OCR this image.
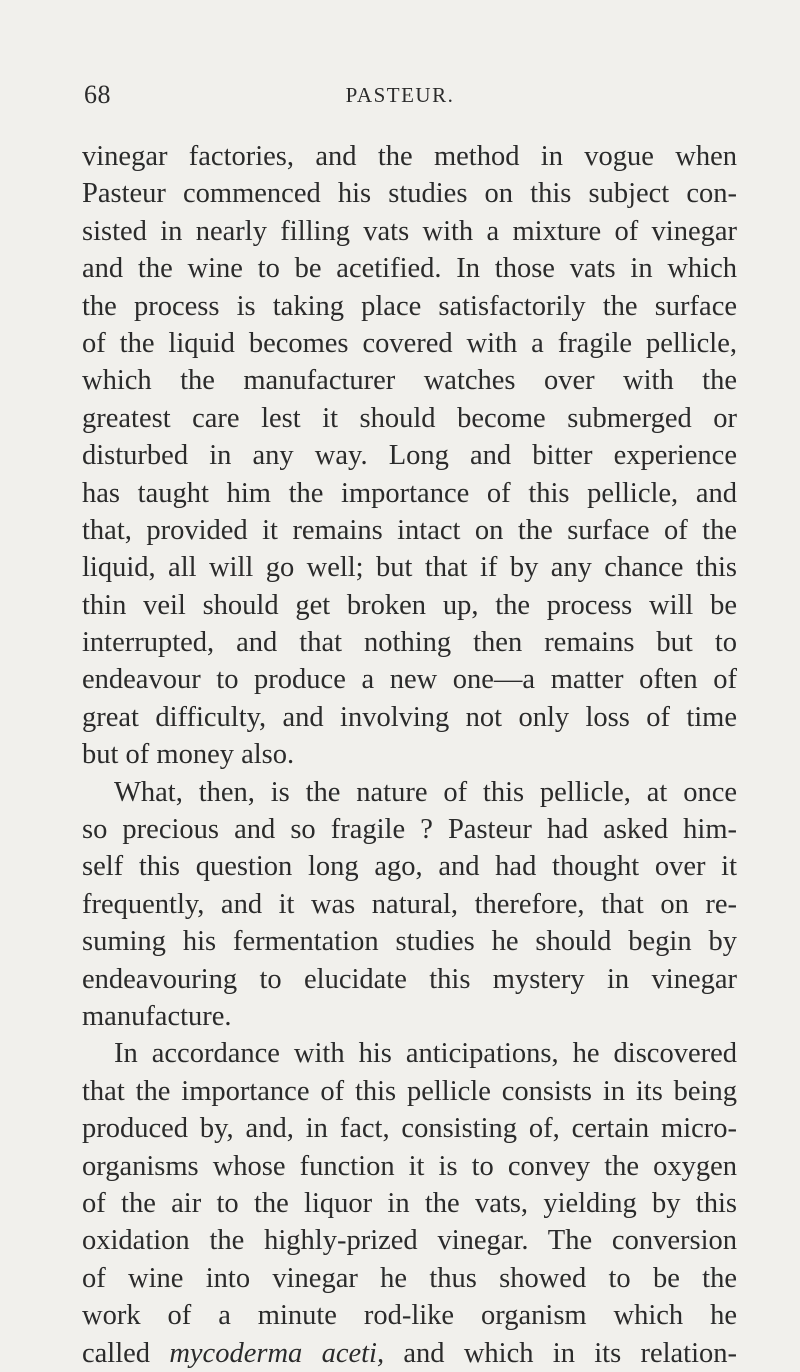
68	PASTEUR.
vinegar factories, and the method in vogue when
Pasteur commenced his studies on this subject con-
sisted in nearly filling vats with a mixture of vinegar
and the wine to be acetified. In those vats in which
the process is taking place satisfactorily the surface
of the liquid becomes covered with a fragile pellicle,
which the manufacturer watches over with the
greatest care lest it should become submerged or
disturbed in any way. Long and bitter experience
has taught him the importance of this pellicle, and
that, provided it remains intact on the surface of the
liquid, all will go well; but that if by any chance this
thin veil should get broken up, the process will be
interrupted, and that nothing then remains but to
endeavour to produce a new one—a matter often of
great difficulty, and involving not only loss of time
but of money also.
What, then, is the nature of this pellicle, at once
so precious and so fragile ? Pasteur had asked him-
self this question long ago, and had thought over it
frequently, and it was natural, therefore, that on re-
suming his fermentation studies he should begin by
endeavouring to elucidate this mystery in vinegar
manufacture.
In accordance with his anticipations, he discovered
that the importance of this pellicle consists in its being
produced by, and, in fact, consisting of, certain micro-
organisms whose function it is to convey the oxygen
of the air to the liquor in the vats, yielding by this
oxidation the highly-prized vinegar. The conversion
of wine into vinegar he thus showed to be the
work of a minute rod-like organism which he
called mycoderma aceti, and which in its relation-
